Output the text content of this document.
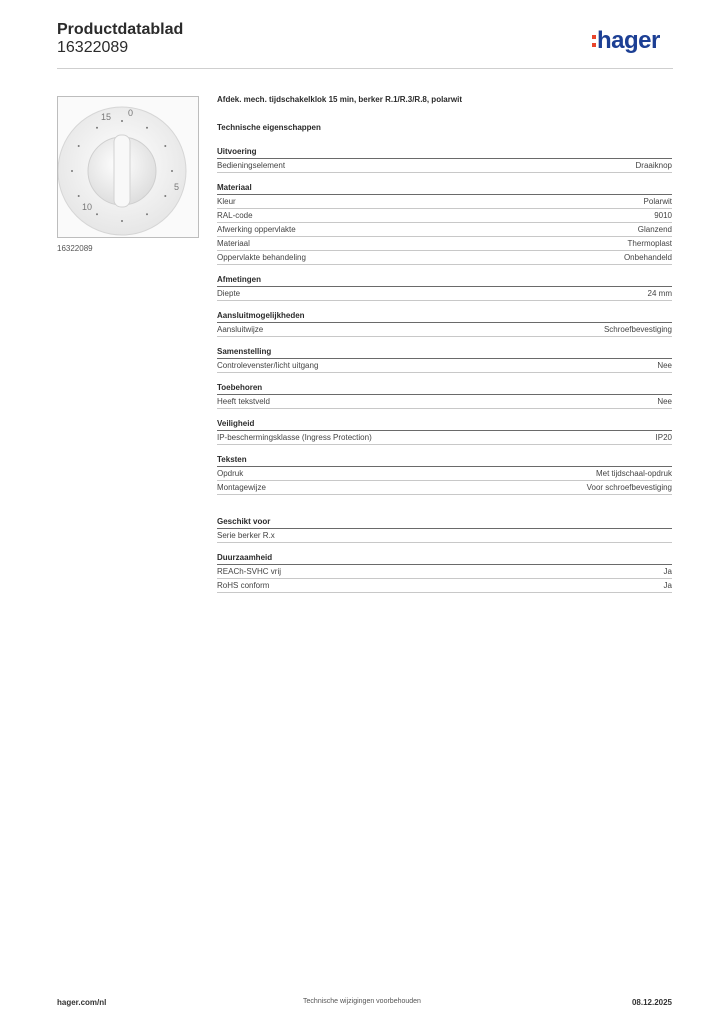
Productdatablad
16322089	hager
0
5
10
15
16322089
Afdek. mech. tijdschakelklok 15 min, berker R.1/R.3/R.8, polarwit
Technische eigenschappen
Uitvoering
Bedieningselement	Draaiknop
Materiaal
Kleur	Polarwit
RAL-code	9010
Afwerking oppervlakte	Glanzend
Materiaal	Thermoplast
Oppervlakte behandeling	Onbehandeld
Afmetingen
Diepte	24 mm
Aansluitmogelijkheden
Aansluitwijze	Schroefbevestiging
Samenstelling
Controlevenster/licht uitgang	Nee
Toebehoren
Heeft tekstveld	Nee
Veiligheid
IP-beschermingsklasse (Ingress Protection)	IP20
Teksten
Opdruk	Met tijdschaal-opdruk
Montagewijze	Voor schroefbevestiging
Geschikt voor
Serie berker R.x
Duurzaamheid
REACh-SVHC vrij	Ja
RoHS conform	Ja
hager.com/nl	Technische wijzigingen voorbehouden	08.12.2025
